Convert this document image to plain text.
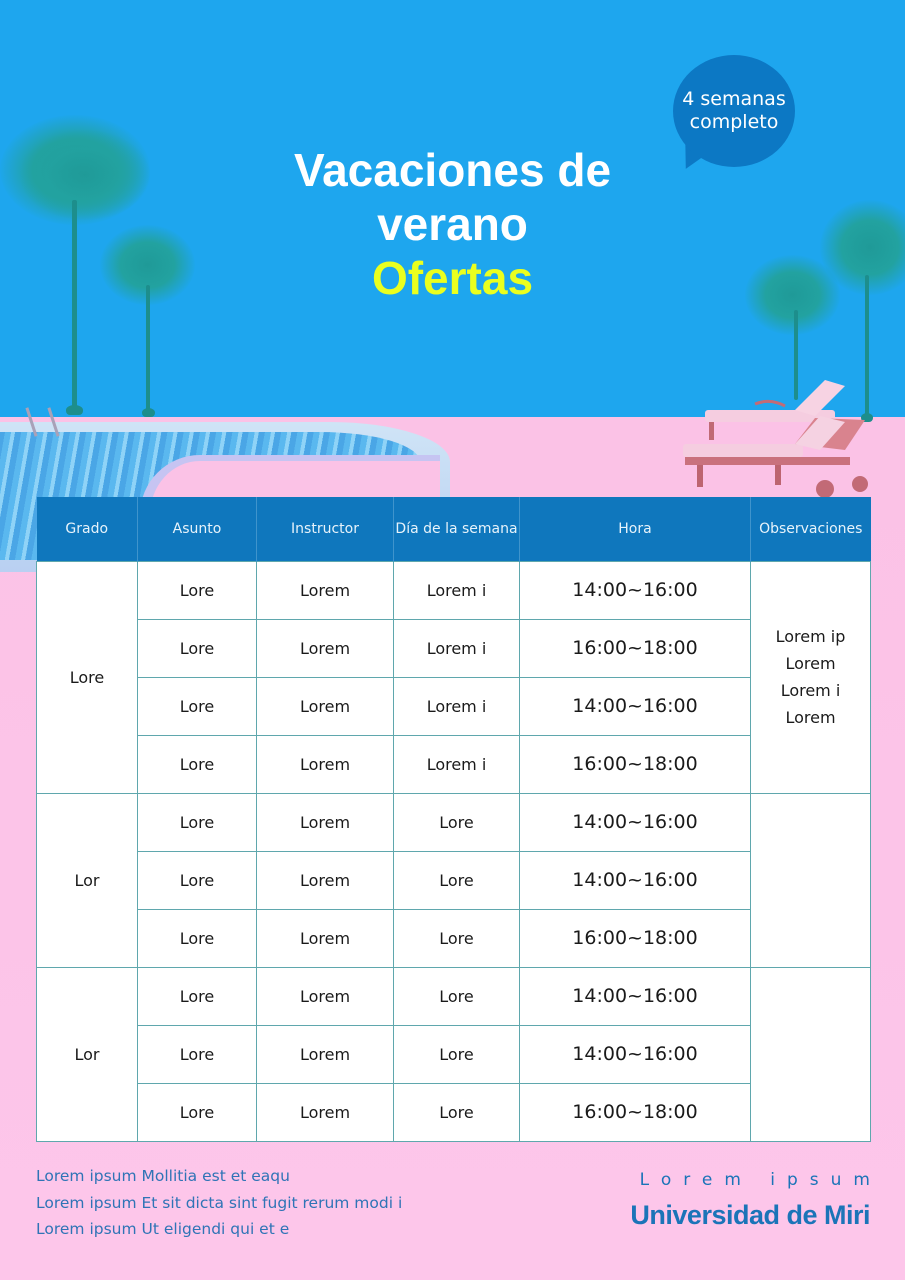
4 semanas
completo
Vacaciones de
verano
Ofertas
Grado	Asunto	Instructor	Día de la semana	Hora	Observaciones
Lore	Lore	Lorem	Lorem i	14:00~16:00	Lorem ip
Lorem
Lorem i
Lorem

	Lore	Lorem	Lorem i	16:00~18:00	
	Lore	Lorem	Lorem i	14:00~16:00	
	Lore	Lorem	Lorem i	16:00~18:00	
Lor	Lore	Lorem	Lore	14:00~16:00	
	Lore	Lorem	Lore	14:00~16:00	
	Lore	Lorem	Lore	16:00~18:00	
Lor	Lore	Lorem	Lore	14:00~16:00	
	Lore	Lorem	Lore	14:00~16:00	
	Lore	Lorem	Lore	16:00~18:00	
Lorem ipsum Mollitia est et eaqu
Lorem ipsum Et sit dicta sint fugit rerum modi i
Lorem ipsum Ut eligendi qui et e
Lorem ipsum
Universidad de Miri
